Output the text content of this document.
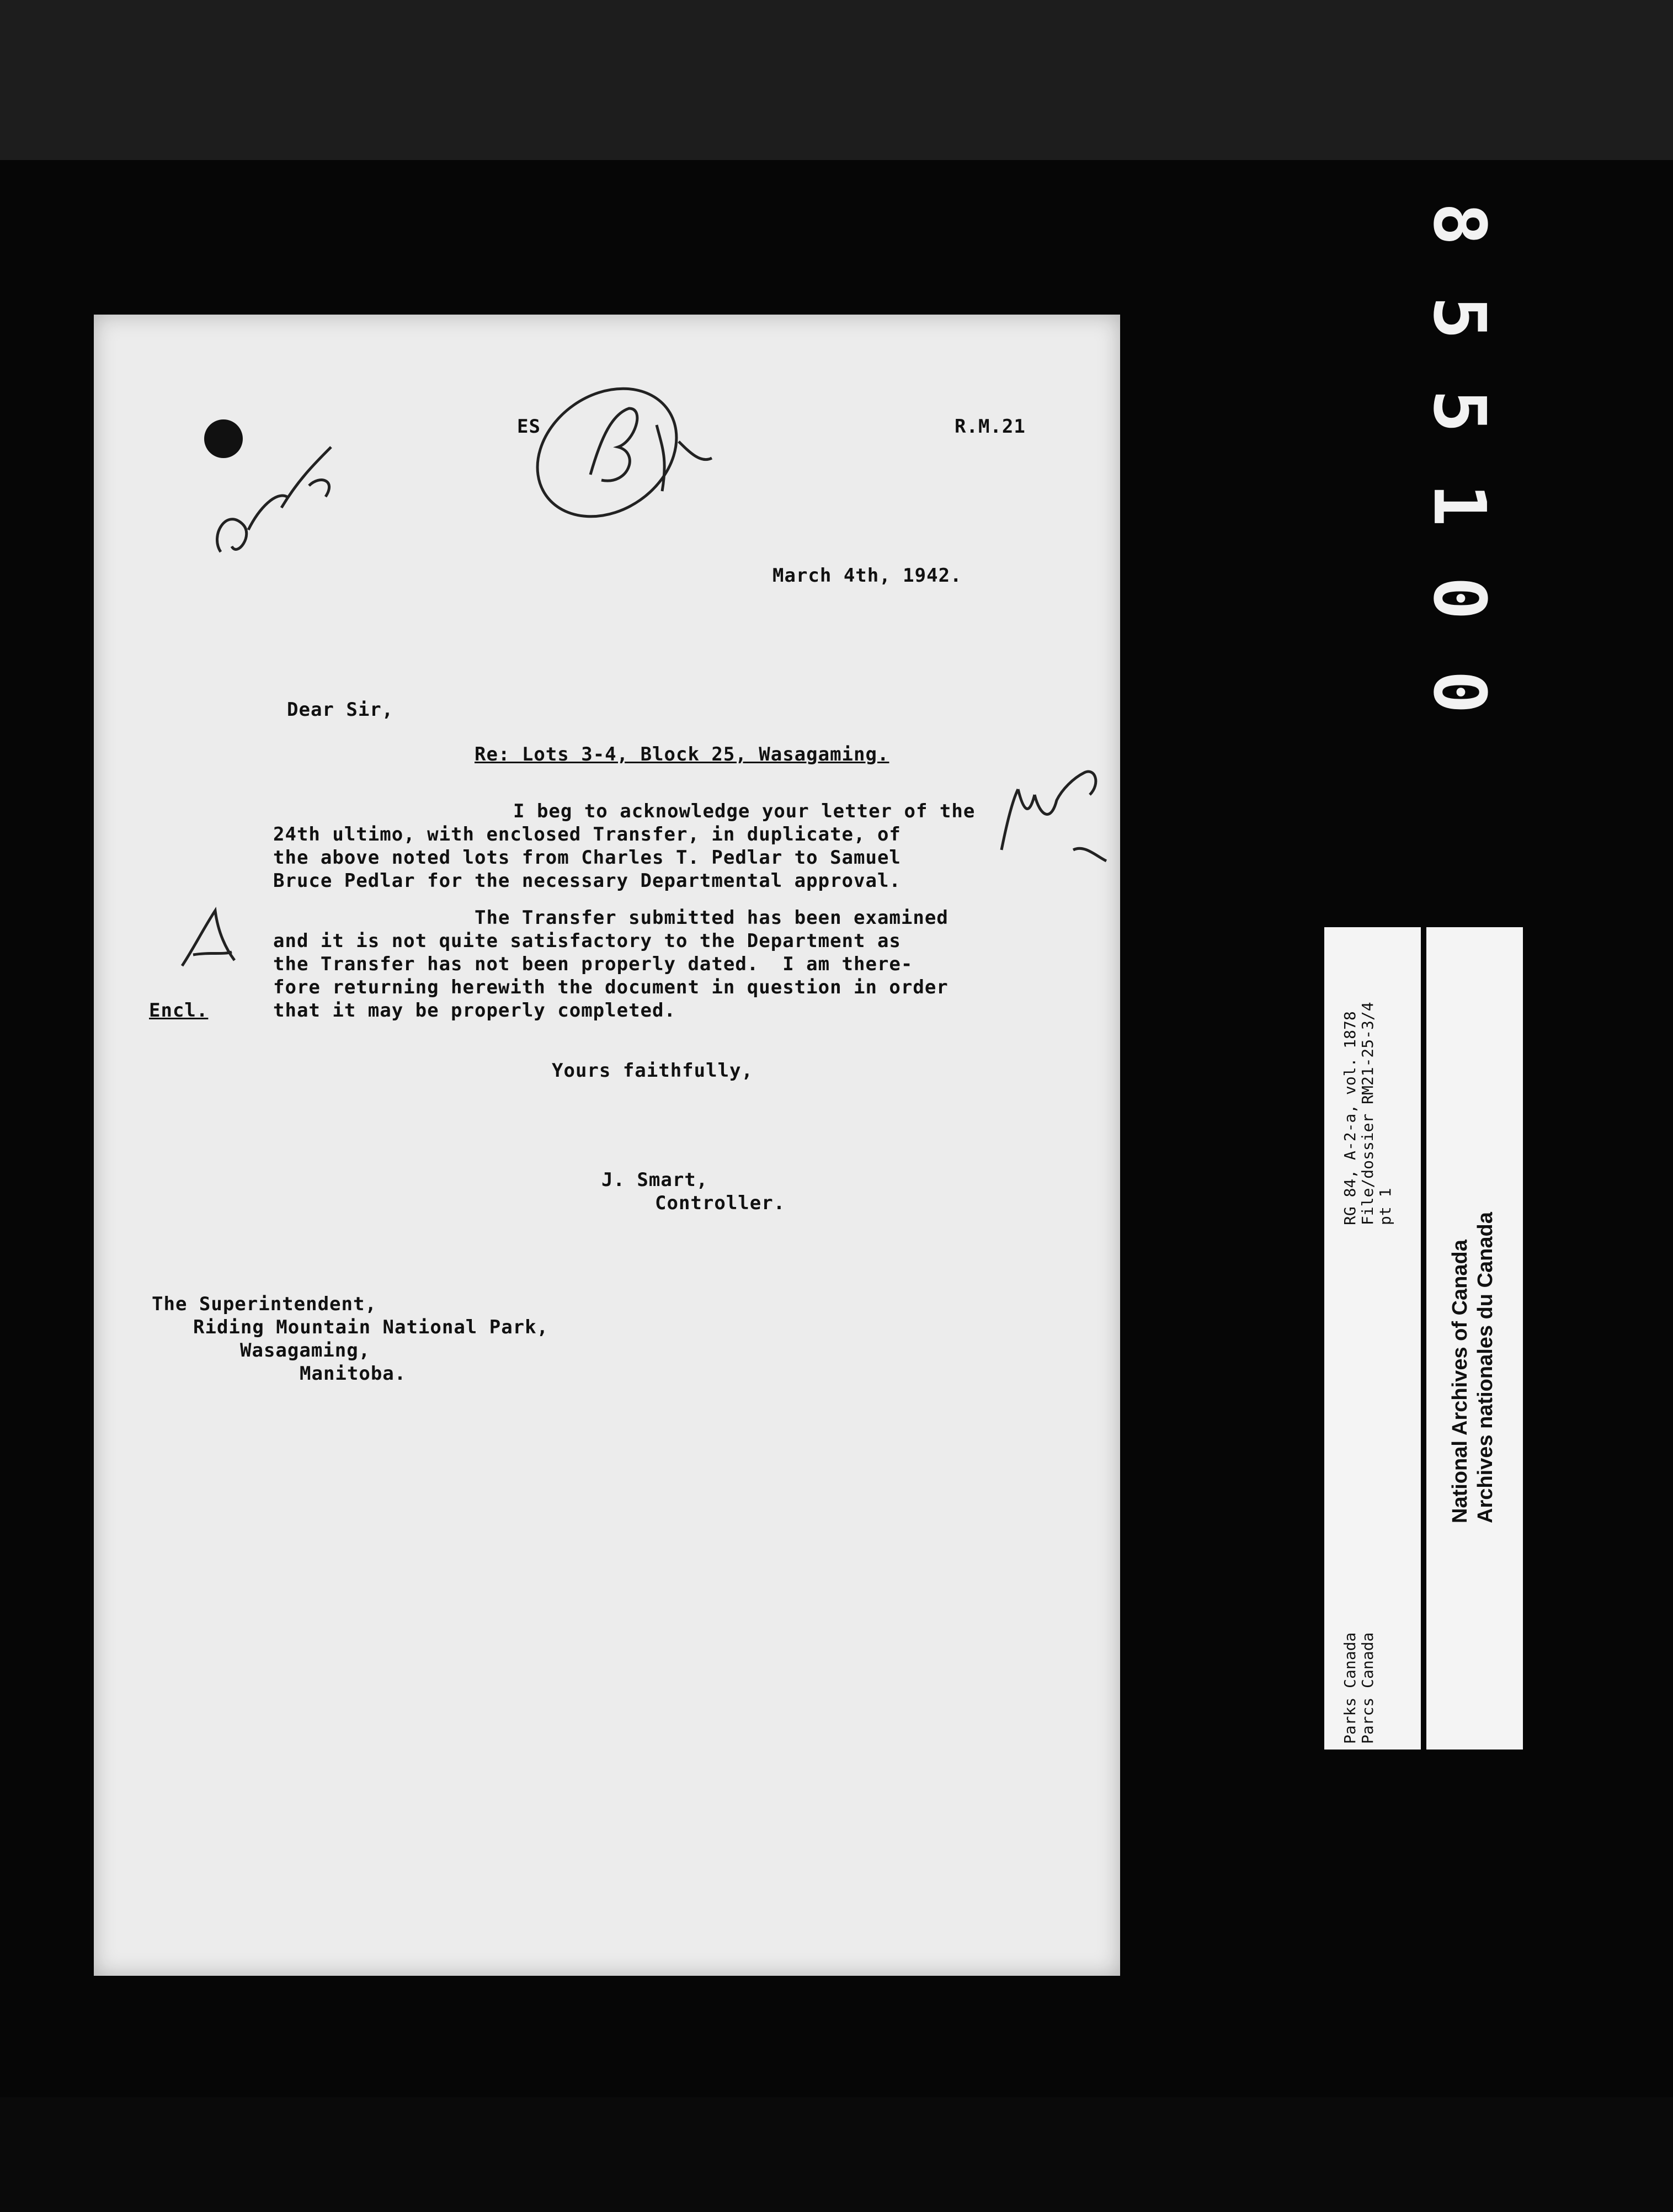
ES	R.M.21
March 4th, 1942.
Dear Sir,
Re: Lots 3-4, Block 25, Wasagaming.
I beg to acknowledge your letter of the
24th ultimo, with enclosed Transfer, in duplicate, of
the above noted lots from Charles T. Pedlar to Samuel
Bruce Pedlar for the necessary Departmental approval.
The Transfer submitted has been examined
and it is not quite satisfactory to the Department as
the Transfer has not been properly dated.  I am there-
fore returning herewith the document in question in order
that it may be properly completed.
Encl.
Yours faithfully,
J. Smart,
Controller.
The Superintendent,
Riding Mountain National Park,
Wasagaming,
Manitoba.
8
5
5
1
0
0
RG 84, A-2-a, vol. 1878 File/dossier RM21-25-3/4 pt 1
Parks Canada Parcs Canada
National Archives of Canada Archives nationales du Canada
